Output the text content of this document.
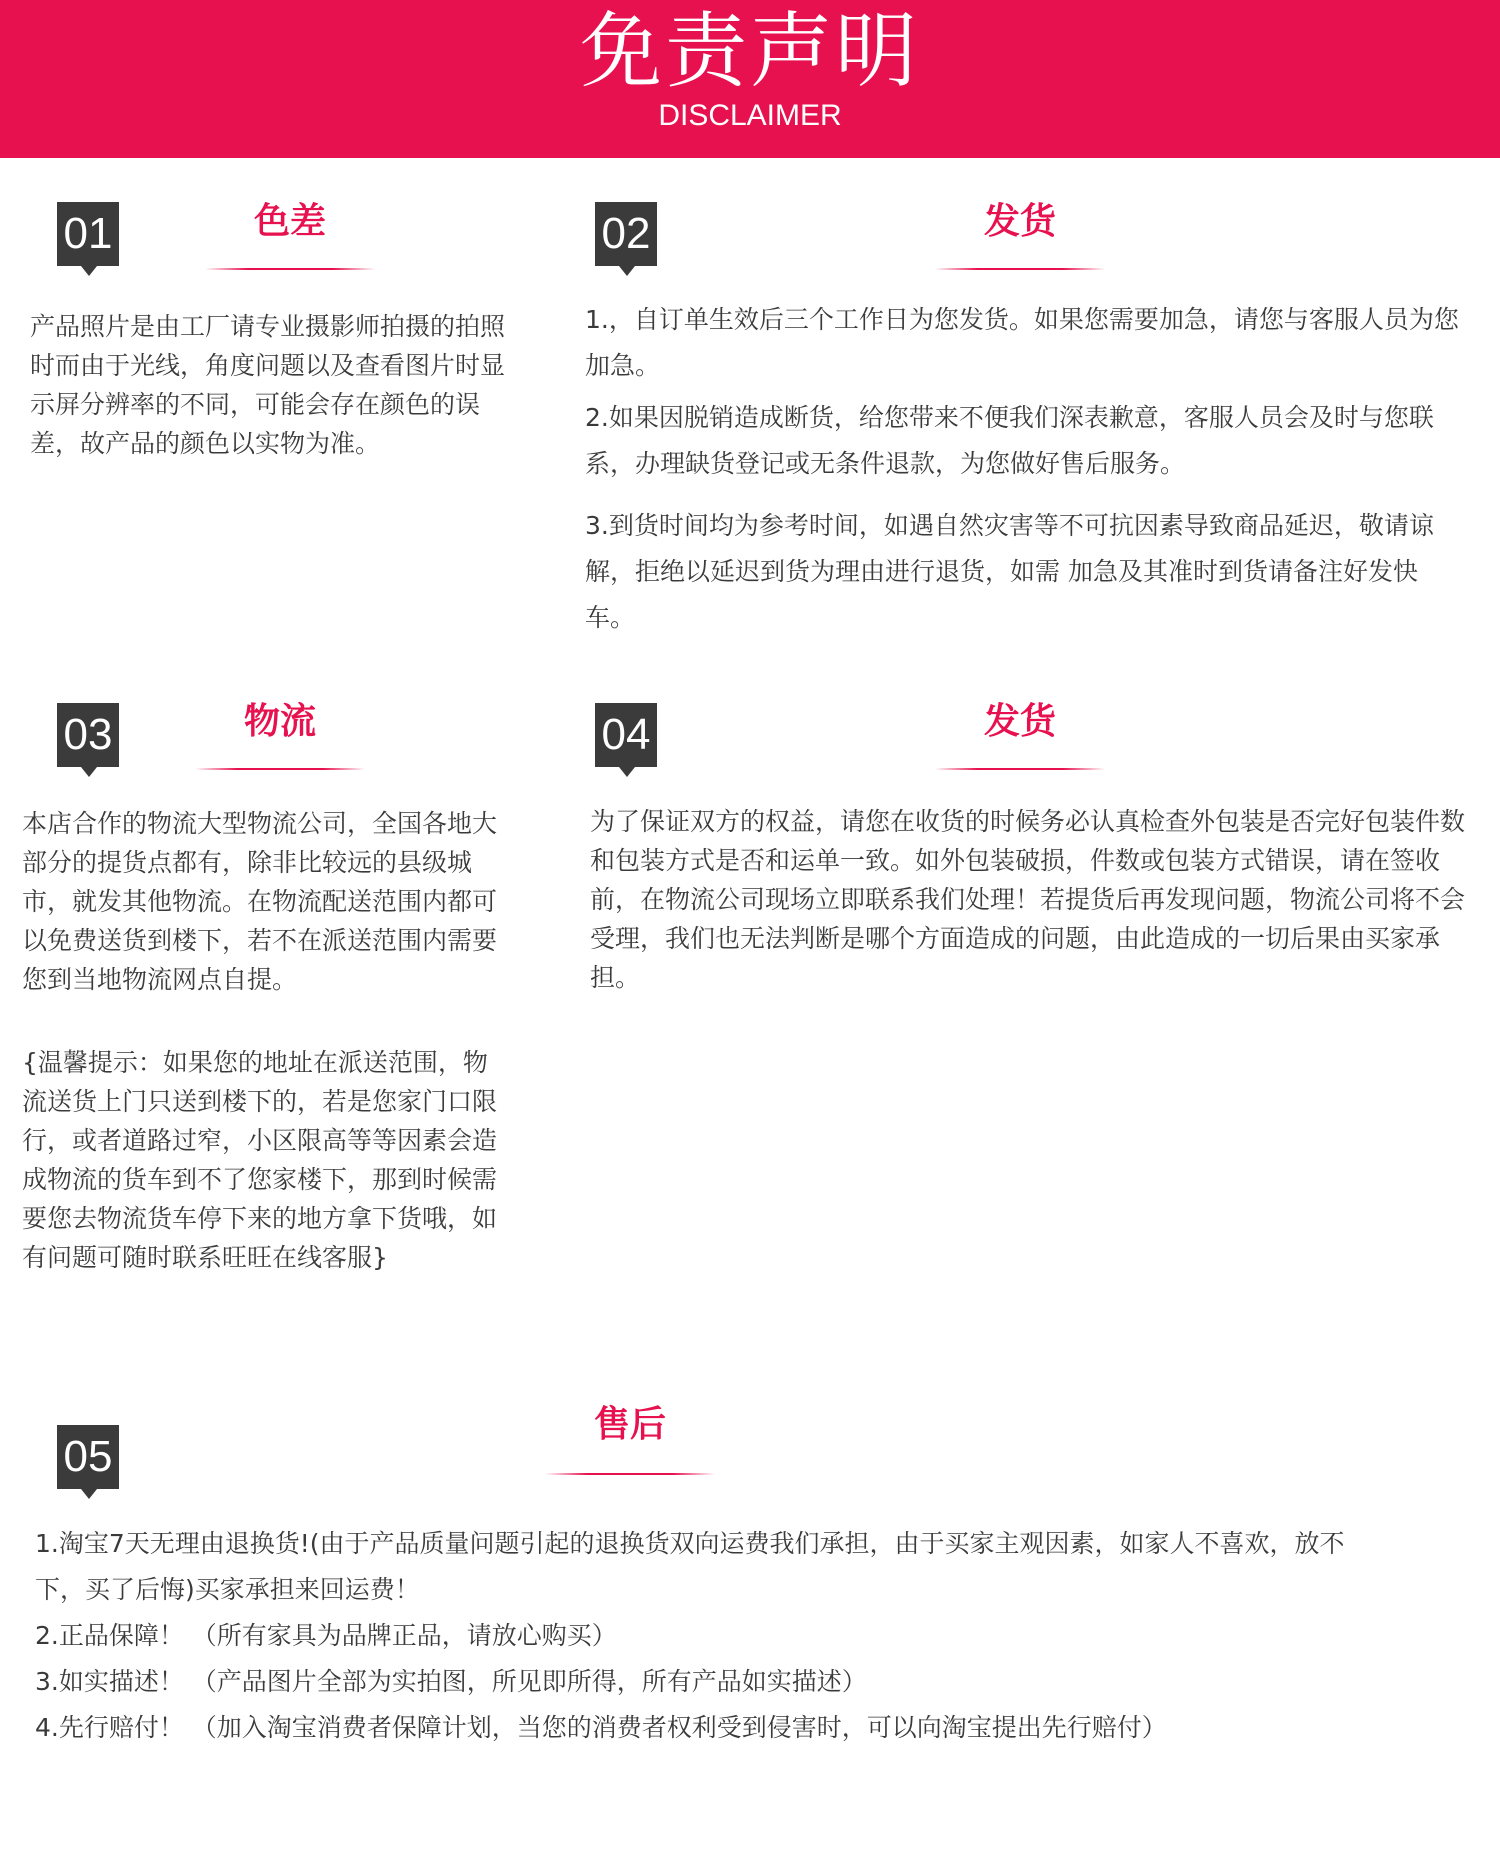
免责声明
DISCLAIMER
01	色差

产品照片是由工厂请专业摄影师拍摄的拍照时而由于光线，角度问题以及查看图片时显示屏分辨率的不同，可能会存在颜色的误差，故产品的颜色以实物为准。

02	发货
1.，自订单生效后三个工作日为您发货。如果您需要加急，请您与客服人员为您加急。
2.如果因脱销造成断货，给您带来不便我们深表歉意，客服人员会及时与您联系，办理缺货登记或无条件退款，为您做好售后服务。
3.到货时间均为参考时间，如遇自然灾害等不可抗因素导致商品延迟，敬请谅解，拒绝以延迟到货为理由进行退货，如需 加急及其准时到货请备注好发快车。
03	物流

本店合作的物流大型物流公司，全国各地大部分的提货点都有，除非比较远的县级城市，就发其他物流。在物流配送范围内都可以免费送货到楼下，若不在派送范围内需要您到当地物流网点自提。

{温馨提示：如果您的地址在派送范围，物流送货上门只送到楼下的，若是您家门口限行，或者道路过窄，小区限高等等因素会造成物流的货车到不了您家楼下，那到时候需要您去物流货车停下来的地方拿下货哦，如有问题可随时联系旺旺在线客服}

04	发货

为了保证双方的权益，请您在收货的时候务必认真检查外包装是否完好包装件数和包装方式是否和运单一致。如外包装破损，件数或包装方式错误，请在签收前，在物流公司现场立即联系我们处理！若提货后再发现问题，物流公司将不会受理，我们也无法判断是哪个方面造成的问题，由此造成的一切后果由买家承担。

05
售后
1.淘宝7天无理由退换货!(由于产品质量问题引起的退换货双向运费我们承担，由于买家主观因素，如家人不喜欢，放不下，买了后悔)买家承担来回运费！
2.正品保障！ （所有家具为品牌正品，请放心购买）
3.如实描述！ （产品图片全部为实拍图，所见即所得，所有产品如实描述）
4.先行赔付！ （加入淘宝消费者保障计划，当您的消费者权利受到侵害时，可以向淘宝提出先行赔付）
